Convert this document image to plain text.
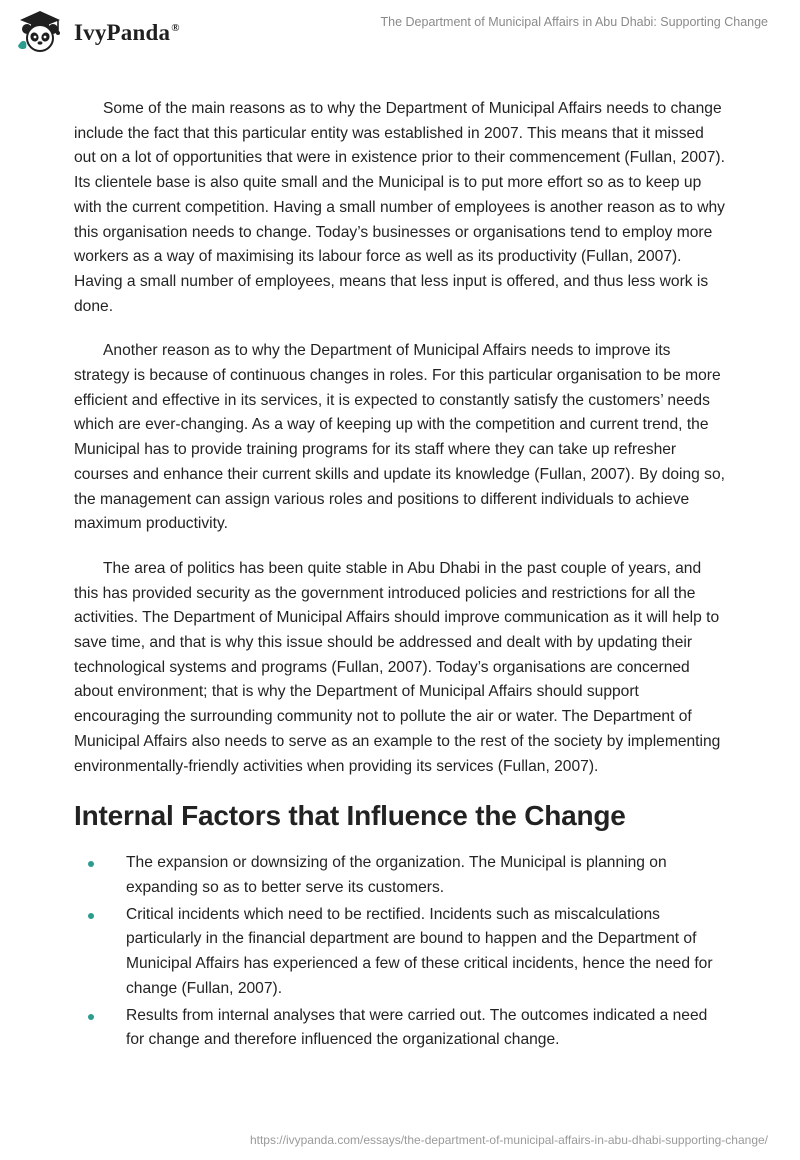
IvyPanda®	The Department of Municipal Affairs in Abu Dhabi: Supporting Change

Some of the main reasons as to why the Department of Municipal Affairs needs to change include the fact that this particular entity was established in 2007. This means that it missed out on a lot of opportunities that were in existence prior to their commencement (Fullan, 2007). Its clientele base is also quite small and the Municipal is to put more effort so as to keep up with the current competition. Having a small number of employees is another reason as to why this organisation needs to change. Today’s businesses or organisations tend to employ more workers as a way of maximising its labour force as well as its productivity (Fullan, 2007). Having a small number of employees, means that less input is offered, and thus less work is done.

Another reason as to why the Department of Municipal Affairs needs to improve its strategy is because of continuous changes in roles. For this particular organisation to be more efficient and effective in its services, it is expected to constantly satisfy the customers’ needs which are ever-changing. As a way of keeping up with the competition and current trend, the Municipal has to provide training programs for its staff where they can take up refresher courses and enhance their current skills and update its knowledge (Fullan, 2007). By doing so, the management can assign various roles and positions to different individuals to achieve maximum productivity.

The area of politics has been quite stable in Abu Dhabi in the past couple of years, and this has provided security as the government introduced policies and restrictions for all the activities. The Department of Municipal Affairs should improve communication as it will help to save time, and that is why this issue should be addressed and dealt with by updating their technological systems and programs (Fullan, 2007). Today’s organisations are concerned about environment; that is why the Department of Municipal Affairs should support encouraging the surrounding community not to pollute the air or water. The Department of Municipal Affairs also needs to serve as an example to the rest of the society by implementing environmentally-friendly activities when providing its services (Fullan, 2007).

Internal Factors that Influence the Change
The expansion or downsizing of the organization. The Municipal is planning on expanding so as to better serve its customers.
Critical incidents which need to be rectified. Incidents such as miscalculations particularly in the financial department are bound to happen and the Department of Municipal Affairs has experienced a few of these critical incidents, hence the need for change (Fullan, 2007).
Results from internal analyses that were carried out. The outcomes indicated a need for change and therefore influenced the organizational change.
https://ivypanda.com/essays/the-department-of-municipal-affairs-in-abu-dhabi-supporting-change/
